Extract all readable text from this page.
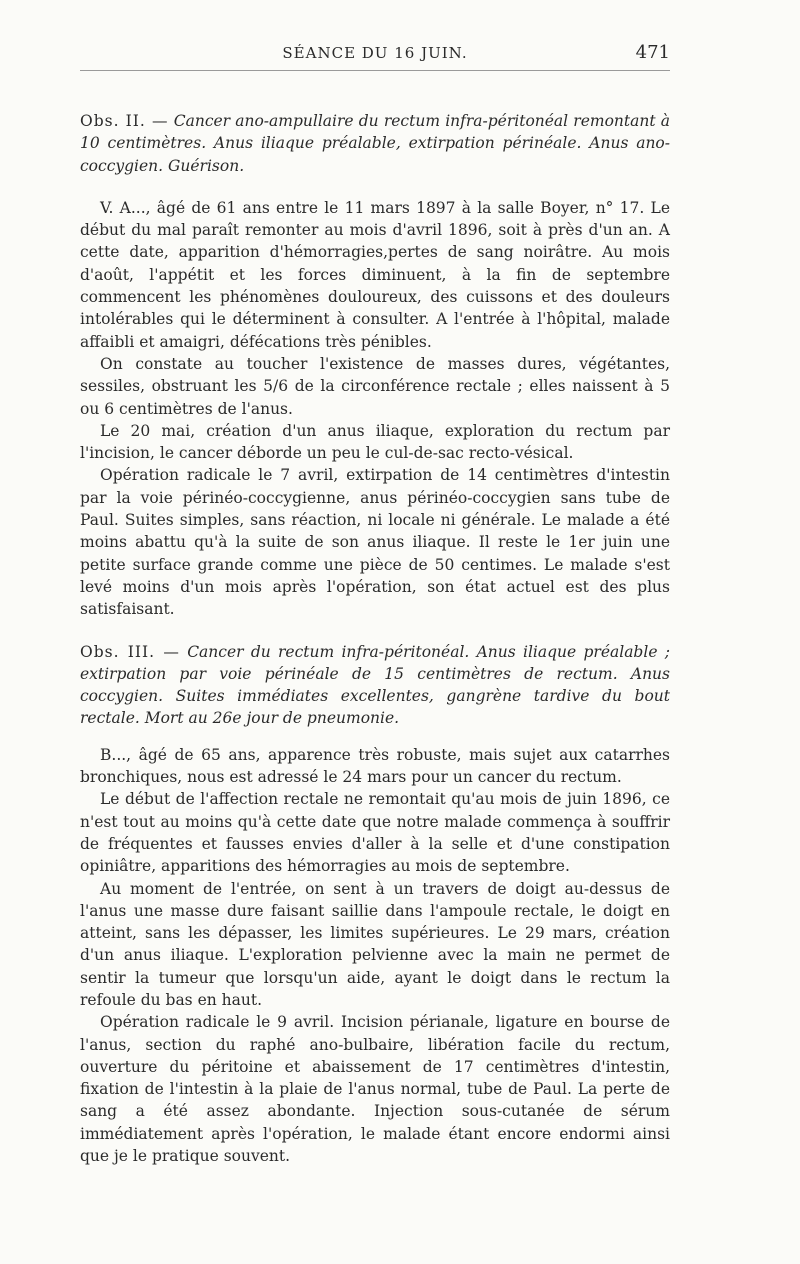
SÉANCE DU 16 JUIN.	471

Obs. II. — Cancer ano-ampullaire du rectum infra-péritonéal remontant à 10 centimètres. Anus iliaque préalable, extirpation périnéale. Anus ano-coccygien. Guérison.

V. A..., âgé de 61 ans entre le 11 mars 1897 à la salle Boyer, n° 17. Le début du mal paraît remonter au mois d'avril 1896, soit à près d'un an. A cette date, apparition d'hémorragies,pertes de sang noirâtre. Au mois d'août, l'appétit et les forces diminuent, à la fin de septembre commencent les phénomènes douloureux, des cuissons et des douleurs intolérables qui le déterminent à consulter. A l'entrée à l'hôpital, malade affaibli et amaigri, défécations très pénibles.

On constate au toucher l'existence de masses dures, végétantes, sessiles, obstruant les 5/6 de la circonférence rectale ; elles naissent à 5 ou 6 centimètres de l'anus.

Le 20 mai, création d'un anus iliaque, exploration du rectum par l'incision, le cancer déborde un peu le cul-de-sac recto-vésical.

Opération radicale le 7 avril, extirpation de 14 centimètres d'intestin par la voie périnéo-coccygienne, anus périnéo-coccygien sans tube de Paul. Suites simples, sans réaction, ni locale ni générale. Le malade a été moins abattu qu'à la suite de son anus iliaque. Il reste le 1er juin une petite surface grande comme une pièce de 50 centimes. Le malade s'est levé moins d'un mois après l'opération, son état actuel est des plus satisfaisant.

Obs. III. — Cancer du rectum infra-péritonéal. Anus iliaque préalable ; extirpation par voie périnéale de 15 centimètres de rectum. Anus coccygien. Suites immédiates excellentes, gangrène tardive du bout rectale. Mort au 26e jour de pneumonie.

B..., âgé de 65 ans, apparence très robuste, mais sujet aux catarrhes bronchiques, nous est adressé le 24 mars pour un cancer du rectum.

Le début de l'affection rectale ne remontait qu'au mois de juin 1896, ce n'est tout au moins qu'à cette date que notre malade commença à souffrir de fréquentes et fausses envies d'aller à la selle et d'une constipation opiniâtre, apparitions des hémorragies au mois de septembre.

Au moment de l'entrée, on sent à un travers de doigt au-dessus de l'anus une masse dure faisant saillie dans l'ampoule rectale, le doigt en atteint, sans les dépasser, les limites supérieures. Le 29 mars, création d'un anus iliaque. L'exploration pelvienne avec la main ne permet de sentir la tumeur que lorsqu'un aide, ayant le doigt dans le rectum la refoule du bas en haut.

Opération radicale le 9 avril. Incision périanale, ligature en bourse de l'anus, section du raphé ano-bulbaire, libération facile du rectum, ouverture du péritoine et abaissement de 17 centimètres d'intestin, fixation de l'intestin à la plaie de l'anus normal, tube de Paul. La perte de sang a été assez abondante. Injection sous-cutanée de sérum immédiatement après l'opération, le malade étant encore endormi ainsi que je le pratique souvent.
